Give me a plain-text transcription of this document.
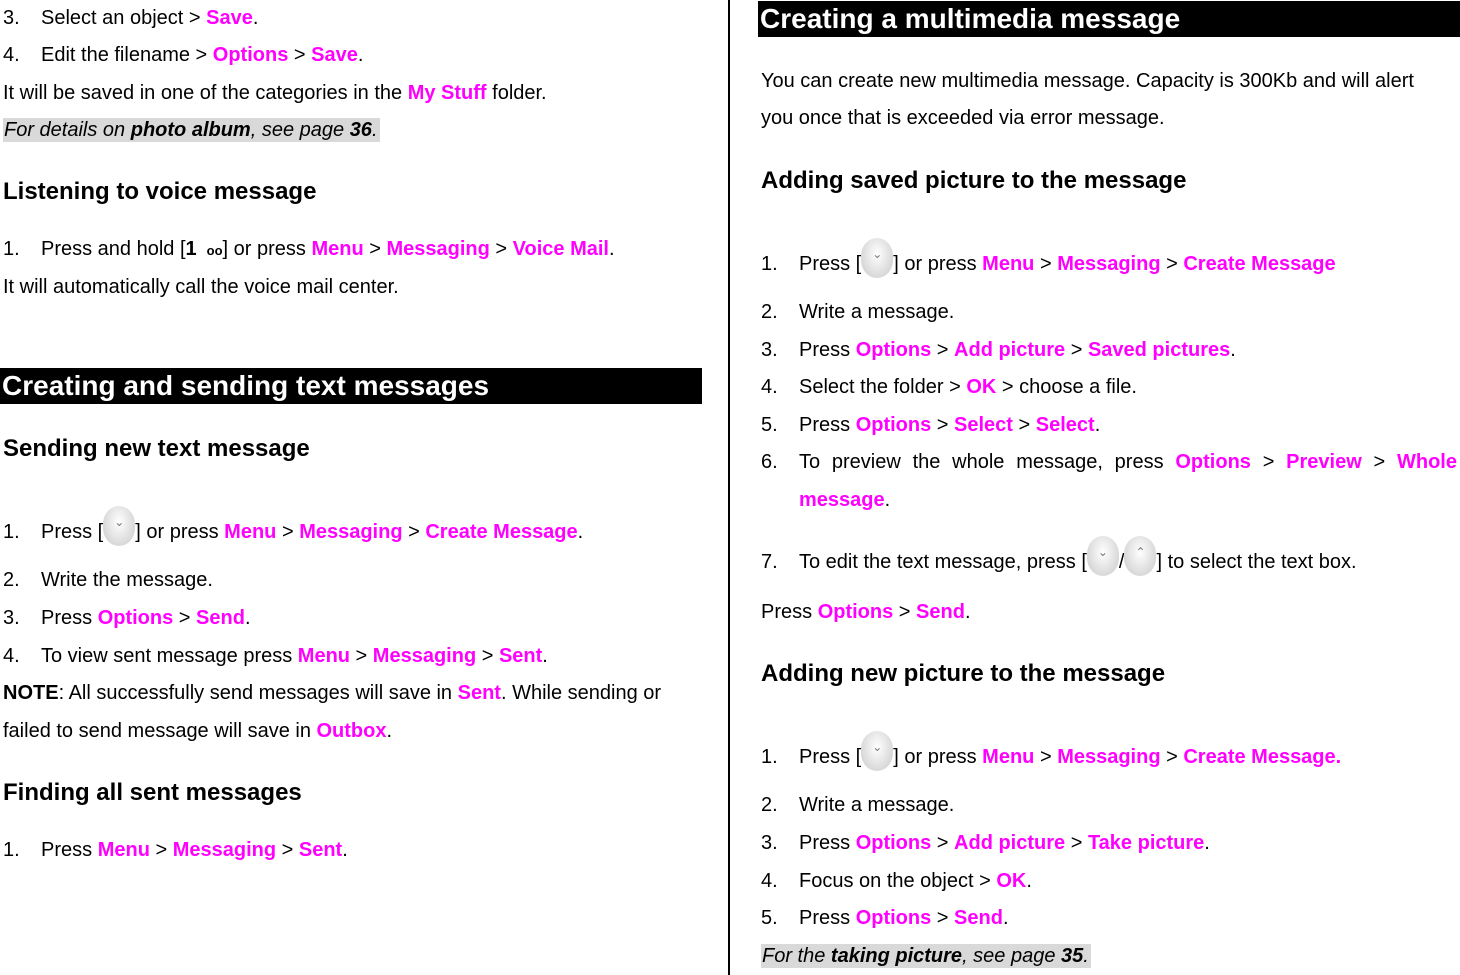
3. Select an object > Save.
4. Edit the filename > Options > Save.
It will be saved in one of the categories in the My Stuff folder.
For details on photo album, see page 36.
Listening to voice message
1. Press and hold [1oo] or press Menu > Messaging > Voice Mail.
It will automatically call the voice mail center.
Creating and sending text messages
Sending new text message
1. Press [ ⌄ ] or press Menu > Messaging > Create Message.
2. Write the message.
3. Press Options > Send.
4. To view sent message press Menu > Messaging > Sent.
NOTE: All successfully send messages will save in Sent. While sending or
failed to send message will save in Outbox.
Finding all sent messages
1. Press Menu > Messaging > Sent.
Creating a multimedia message
You can create new multimedia message. Capacity is 300Kb and will alert
you once that is exceeded via error message.
Adding saved picture to the message
1. Press [ ⌄ ] or press Menu > Messaging > Create Message
2. Write a message.
3. Press Options > Add picture > Saved pictures.
4. Select the folder > OK > choose a file.
5. Press Options > Select > Select.
6.	To preview the whole message, press Options > Preview > Whole
message.
7. To edit the text message, press [ ⌄ / ⌃ ] to select the text box.
Press Options > Send.
Adding new picture to the message
1. Press [ ⌄ ] or press Menu > Messaging > Create Message.
2. Write a message.
3. Press Options > Add picture > Take picture.
4. Focus on the object > OK.
5. Press Options > Send.
For the taking picture, see page 35.
